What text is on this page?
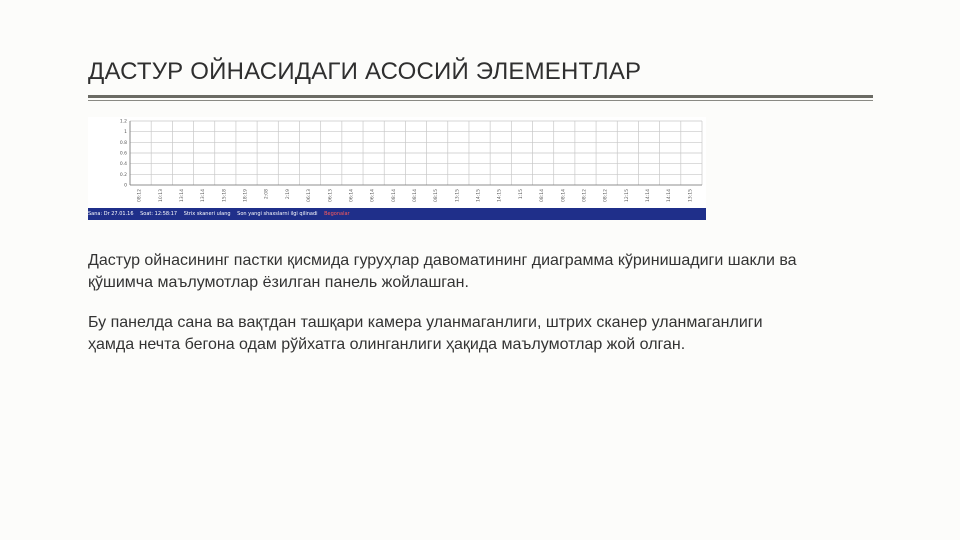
ДАСТУР ОЙНАСИДАГИ АСОСИЙ ЭЛЕМЕНТЛАР
1.2
1
0.8
0.6
0.4
0.2
0
08:12	10:13	13:14	13:14	15:18	18:19	2:08	2:19	06:13	06:13	06:14	06:14	08:14	08:14	08:15	13:15	14:15	14:15	1:15	08:14	08:14	08:12	08:12	12:15	14:14	14:14	13:15
Sana: Dr 27.01.16 Soat: 12:58:17 Strix skaneri ulang Son yangi shaxslarni ilgi qilinadi Begonalar
Дастур ойнасининг пастки қисмида гуруҳлар давоматининг диаграмма кўринишадиги шакли ва қўшимча маълумотлар ёзилган панель жойлашган.
Бу панелда сана ва вақтдан ташқари камера уланмаганлиги, штрих сканер уланмаганлиги ҳамда нечта бегона одам рўйхатга олинганлиги ҳақида маълумотлар жой олган.
